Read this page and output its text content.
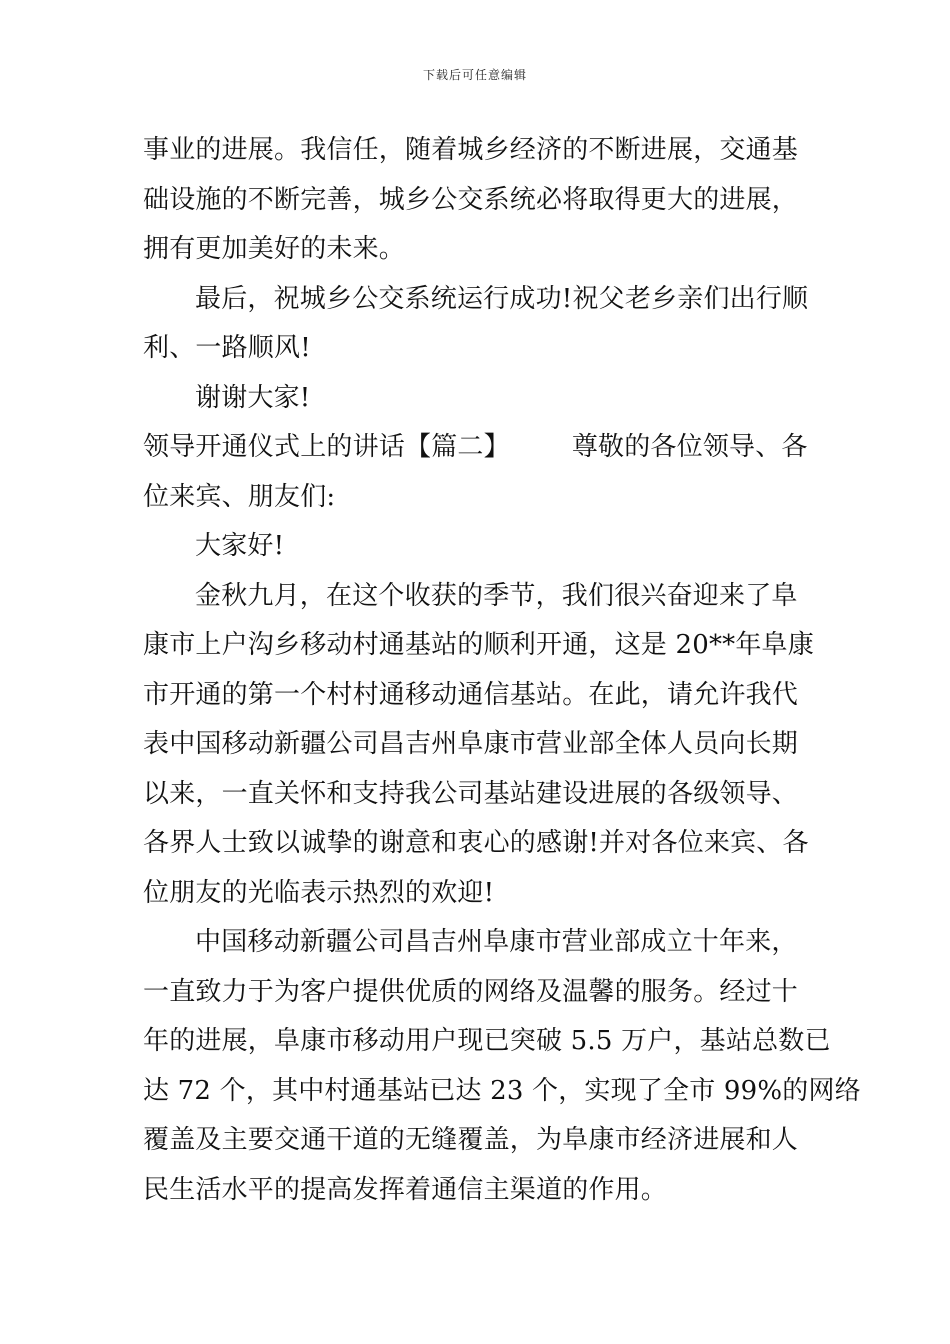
下载后可任意编辑
事业的进展。我信任，随着城乡经济的不断进展，交通基
础设施的不断完善，城乡公交系统必将取得更大的进展，
拥有更加美好的未来。
最后，祝城乡公交系统运行成功!祝父老乡亲们出行顺
利、一路顺风!
谢谢大家!
领导开通仪式上的讲话【篇二】 尊敬的各位领导、各
位来宾、朋友们:
大家好!
金秋九月，在这个收获的季节，我们很兴奋迎来了阜
康市上户沟乡移动村通基站的顺利开通，这是 20**年阜康
市开通的第一个村村通移动通信基站。在此，请允许我代
表中国移动新疆公司昌吉州阜康市营业部全体人员向长期
以来，一直关怀和支持我公司基站建设进展的各级领导、
各界人士致以诚挚的谢意和衷心的感谢!并对各位来宾、各
位朋友的光临表示热烈的欢迎!
中国移动新疆公司昌吉州阜康市营业部成立十年来，
一直致力于为客户提供优质的网络及温馨的服务。经过十
年的进展，阜康市移动用户现已突破 5.5 万户，基站总数已
达 72 个，其中村通基站已达 23 个，实现了全市 99%的网络
覆盖及主要交通干道的无缝覆盖，为阜康市经济进展和人
民生活水平的提高发挥着通信主渠道的作用。
